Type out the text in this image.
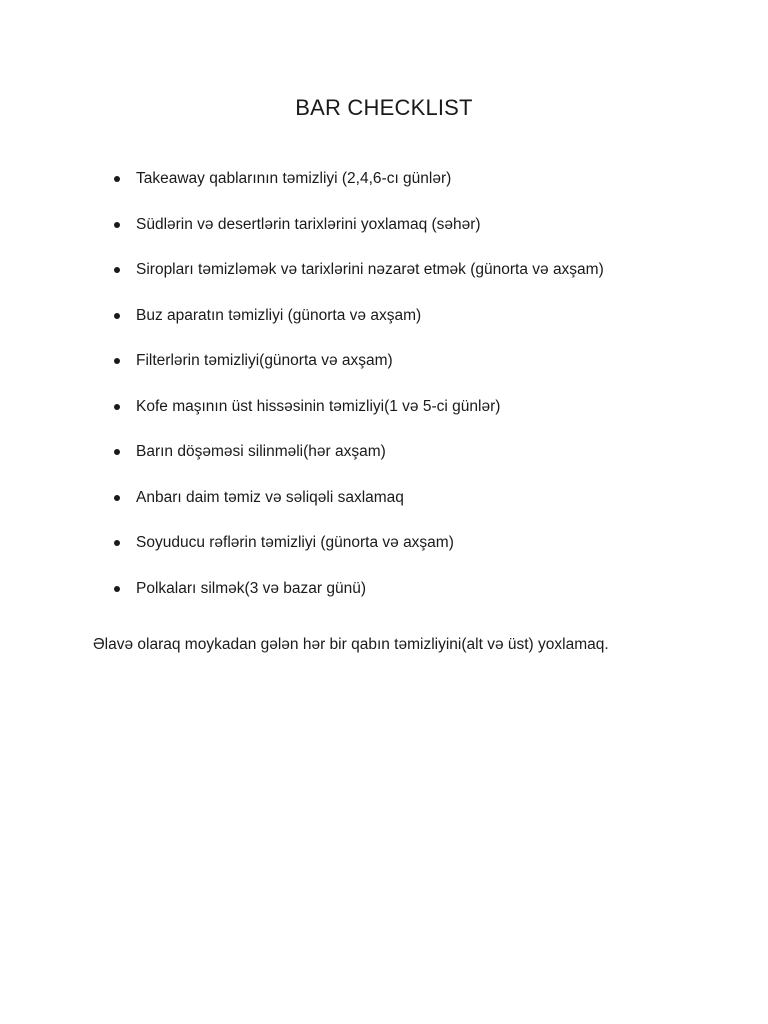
BAR CHECKLIST
Takeaway qablarının təmizliyi (2,4,6-cı günlər)
Südlərin və desertlərin tarixlərini yoxlamaq (səhər)
Siropları təmizləmək və tarixlərini nəzarət etmək (günorta və axşam)
Buz aparatın təmizliyi (günorta və axşam)
Filterlərin təmizliyi(günorta və axşam)
Kofe maşının üst hissəsinin təmizliyi(1 və 5-ci günlər)
Barın döşəməsi silinməli(hər axşam)
Anbarı daim təmiz və səliqəli saxlamaq
Soyuducu rəflərin təmizliyi (günorta və axşam)
Polkaları silmək(3 və bazar günü)

Əlavə olaraq moykadan gələn hər bir qabın təmizliyini(alt və üst) yoxlamaq.
